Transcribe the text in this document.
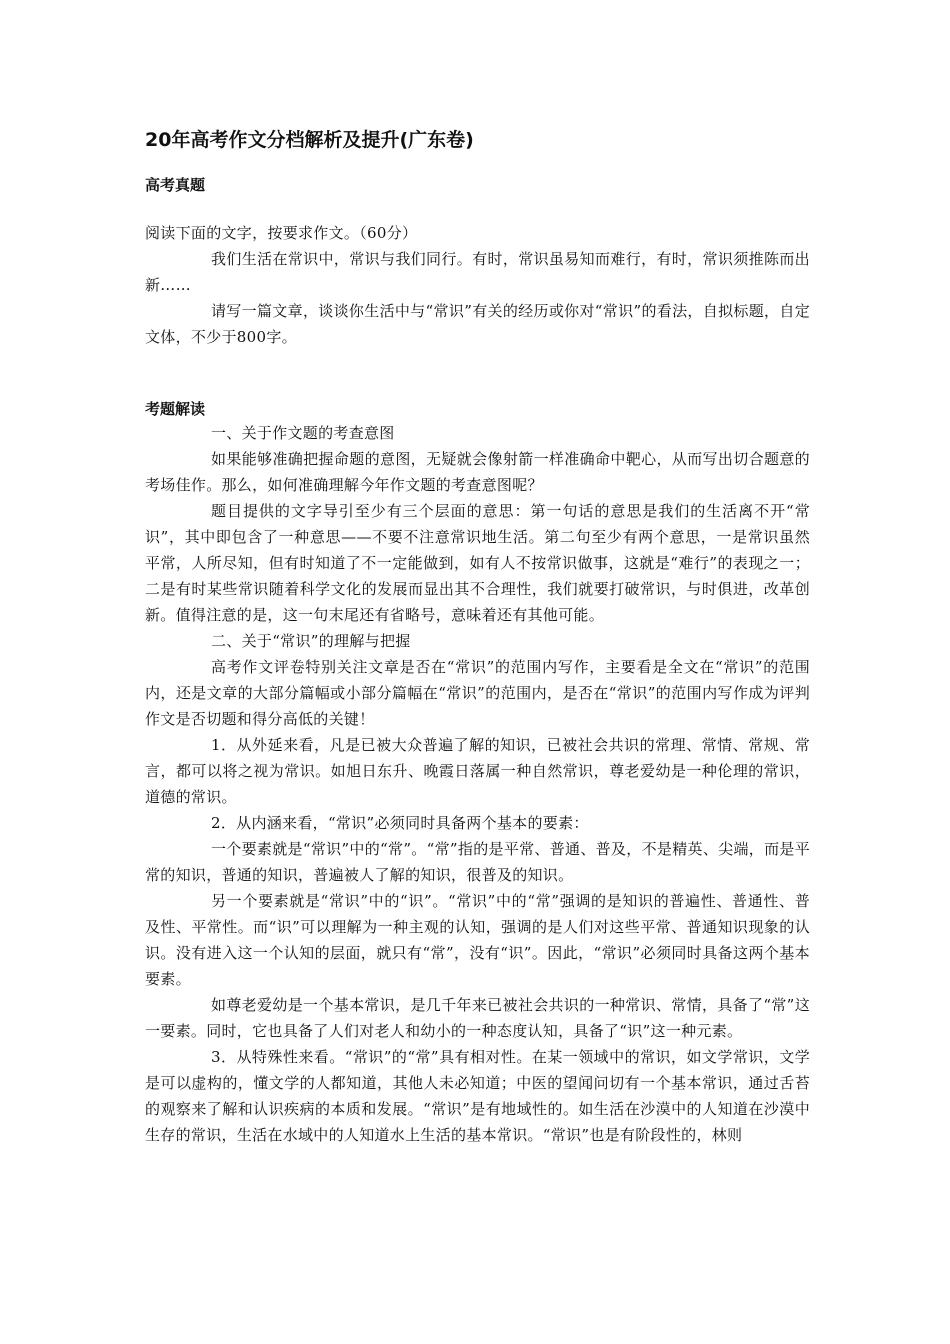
20年高考作文分档解析及提升(广东卷)
高考真题

阅读下面的文字，按要求作文。（60分）

我们生活在常识中，常识与我们同行。有时，常识虽易知而难行，有时，常识须推陈而出新……

请写一篇文章，谈谈你生活中与“常识”有关的经历或你对“常识”的看法，自拟标题，自定文体，不少于800字。

考题解读

一、关于作文题的考查意图

如果能够准确把握命题的意图，无疑就会像射箭一样准确命中靶心，从而写出切合题意的考场佳作。那么，如何准确理解今年作文题的考查意图呢？

题目提供的文字导引至少有三个层面的意思：第一句话的意思是我们的生活离不开“常识”，其中即包含了一种意思——不要不注意常识地生活。第二句至少有两个意思，一是常识虽然平常，人所尽知，但有时知道了不一定能做到，如有人不按常识做事，这就是“难行”的表现之一；二是有时某些常识随着科学文化的发展而显出其不合理性，我们就要打破常识，与时俱进，改革创新。值得注意的是，这一句末尾还有省略号，意味着还有其他可能。

二、关于“常识”的理解与把握

高考作文评卷特别关注文章是否在“常识”的范围内写作，主要看是全文在“常识”的范围内，还是文章的大部分篇幅或小部分篇幅在“常识”的范围内，是否在“常识”的范围内写作成为评判作文是否切题和得分高低的关键！

1．从外延来看，凡是已被大众普遍了解的知识，已被社会共识的常理、常情、常规、常言，都可以将之视为常识。如旭日东升、晚霞日落属一种自然常识，尊老爱幼是一种伦理的常识，道德的常识。

2．从内涵来看，“常识”必须同时具备两个基本的要素：

一个要素就是“常识”中的“常”。“常”指的是平常、普通、普及，不是精英、尖端，而是平常的知识，普通的知识，普遍被人了解的知识，很普及的知识。

另一个要素就是“常识”中的“识”。“常识”中的“常”强调的是知识的普遍性、普通性、普及性、平常性。而“识”可以理解为一种主观的认知，强调的是人们对这些平常、普通知识现象的认识。没有进入这一个认知的层面，就只有“常”，没有“识”。因此，“常识”必须同时具备这两个基本要素。

如尊老爱幼是一个基本常识，是几千年来已被社会共识的一种常识、常情，具备了“常”这一要素。同时，它也具备了人们对老人和幼小的一种态度认知，具备了“识”这一种元素。

3．从特殊性来看。“常识”的“常”具有相对性。在某一领域中的常识，如文学常识，文学是可以虚构的，懂文学的人都知道，其他人未必知道；中医的望闻问切有一个基本常识，通过舌苔的观察来了解和认识疾病的本质和发展。“常识”是有地域性的。如生活在沙漠中的人知道在沙漠中生存的常识，生活在水域中的人知道水上生活的基本常识。“常识”也是有阶段性的，林则
